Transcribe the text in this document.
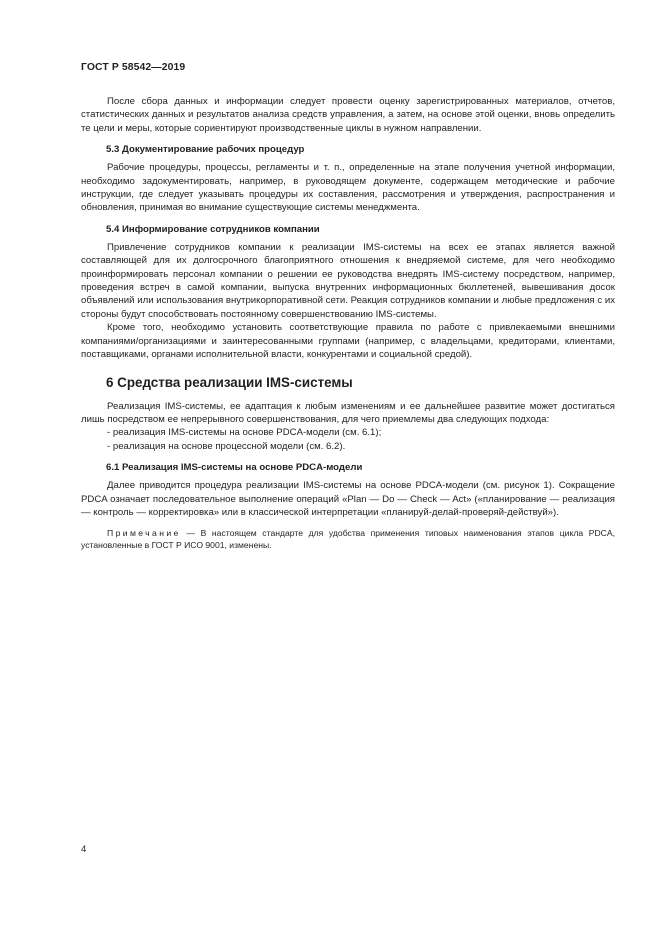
ГОСТ Р 58542—2019

После сбора данных и информации следует провести оценку зарегистрированных материалов, отчетов, статистических данных и результатов анализа средств управления, а затем, на основе этой оценки, вновь определить те цели и меры, которые сориентируют производственные циклы в нужном направлении.

5.3 Документирование рабочих процедур

Рабочие процедуры, процессы, регламенты и т. п., определенные на этапе получения учетной информации, необходимо задокументировать, например, в руководящем документе, содержащем методические и рабочие инструкции, где следует указывать процедуры их составления, рассмотрения и утверждения, распространения и обновления, принимая во внимание существующие системы менеджмента.

5.4 Информирование сотрудников компании

Привлечение сотрудников компании к реализации IMS-системы на всех ее этапах является важной составляющей для их долгосрочного благоприятного отношения к внедряемой системе, для чего необходимо проинформировать персонал компании о решении ее руководства внедрять IMS-систему посредством, например, проведения встреч в самой компании, выпуска внутренних информационных бюллетеней, вывешивания досок объявлений или использования внутрикорпоративной сети. Реакция сотрудников компании и любые предложения с их стороны будут способствовать постоянному совершенствованию IMS-системы.

Кроме того, необходимо установить соответствующие правила по работе с привлекаемыми внешними компаниями/организациями и заинтересованными группами (например, с владельцами, кредиторами, клиентами, поставщиками, органами исполнительной власти, конкурентами и социальной средой).

6 Средства реализации IMS-системы

Реализация IMS-системы, ее адаптация к любым изменениям и ее дальнейшее развитие может достигаться лишь посредством ее непрерывного совершенствования, для чего приемлемы два следующих подхода:

- реализация IMS-системы на основе PDCA-модели (см. 6.1);
- реализация на основе процессной модели (см. 6.2).
6.1 Реализация IMS-системы на основе PDCA-модели

Далее приводится процедура реализации IMS-системы на основе PDCA-модели (см. рисунок 1). Сокращение PDCA означает последовательное выполнение операций «Plan — Do — Check — Act» («планирование — реализация — контроль — корректировка» или в классической интерпретации «планируй-делай-проверяй-действуй»).

Примечание — В настоящем стандарте для удобства применения типовых наименования этапов цикла PDCA, установленные в ГОСТ Р ИСО 9001, изменены.
4
